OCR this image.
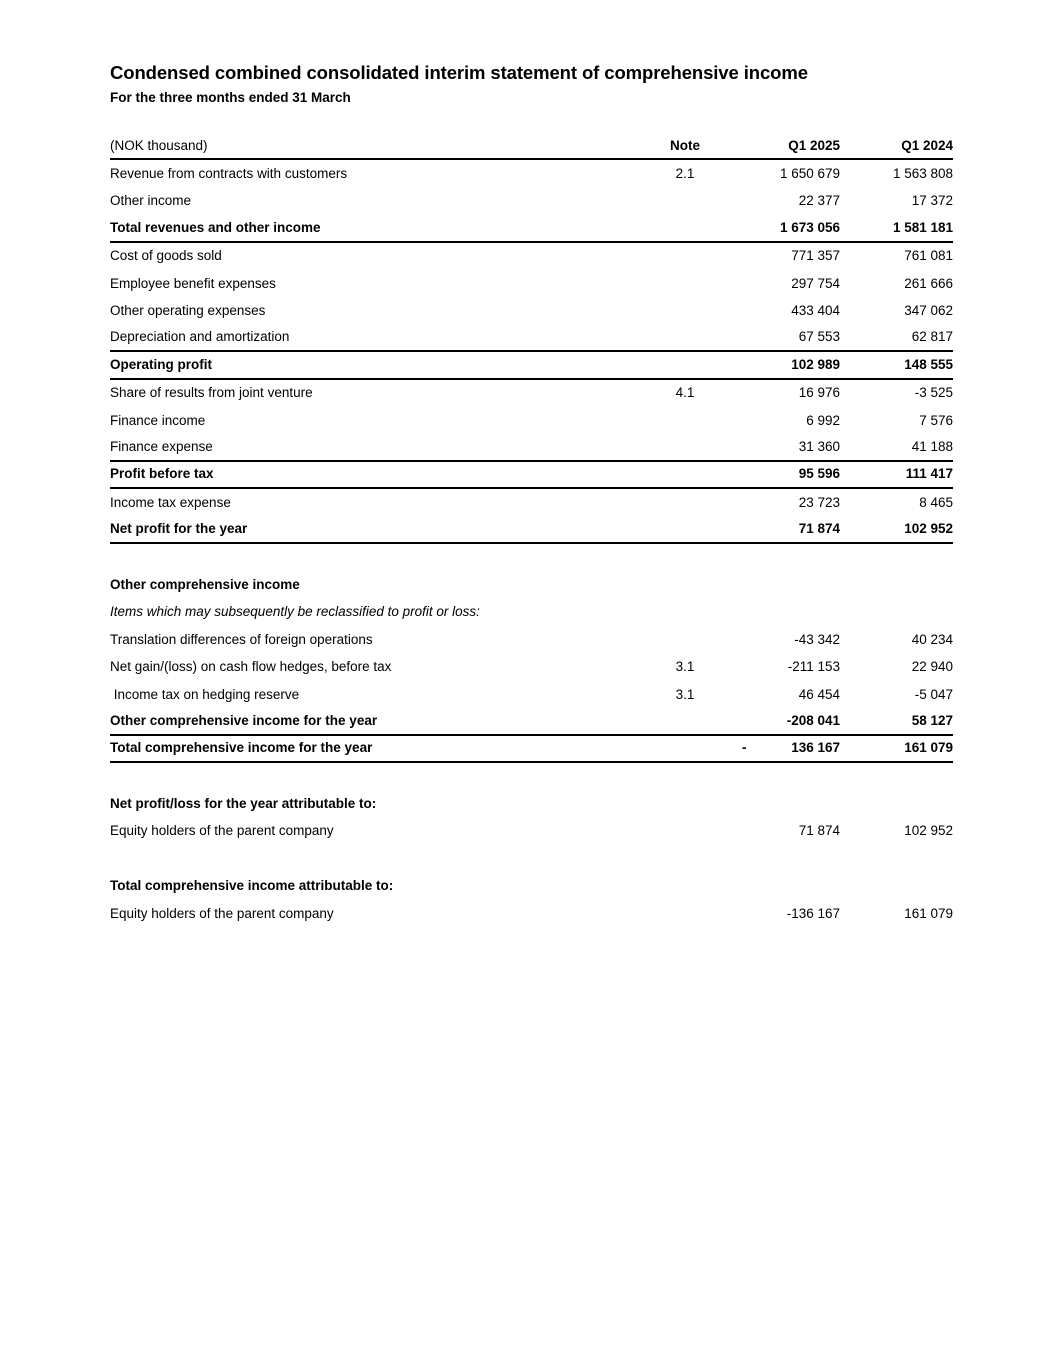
Condensed combined consolidated interim statement of comprehensive income
For the three months ended 31 March
(NOK thousand)	Note	Q1 2025	Q1 2024
Revenue from contracts with customers	2.1	1 650 679	1 563 808
Other income	22 377	17 372
Total revenues and other income	1 673 056	1 581 181
Cost of goods sold	771 357	761 081
Employee benefit expenses	297 754	261 666
Other operating expenses	433 404	347 062
Depreciation and amortization	67 553	62 817
Operating profit	102 989	148 555
Share of results from joint venture	4.1	16 976	-3 525
Finance income	6 992	7 576
Finance expense	31 360	41 188
Profit before tax	95 596	111 417
Income tax expense	23 723	8 465
Net profit for the year	71 874	102 952
Other comprehensive income
Items which may subsequently be reclassified to profit or loss:
Translation differences of foreign operations	-43 342	40 234
Net gain/(loss) on cash flow hedges, before tax	3.1	-211 153	22 940
Income tax on hedging reserve	3.1	46 454	-5 047
Other comprehensive income for the year	-208 041	58 127
Total comprehensive income for the year	-	136 167	161 079
Net profit/loss for the year attributable to:
Equity holders of the parent company	71 874	102 952
Total comprehensive income attributable to:
Equity holders of the parent company	-136 167	161 079
